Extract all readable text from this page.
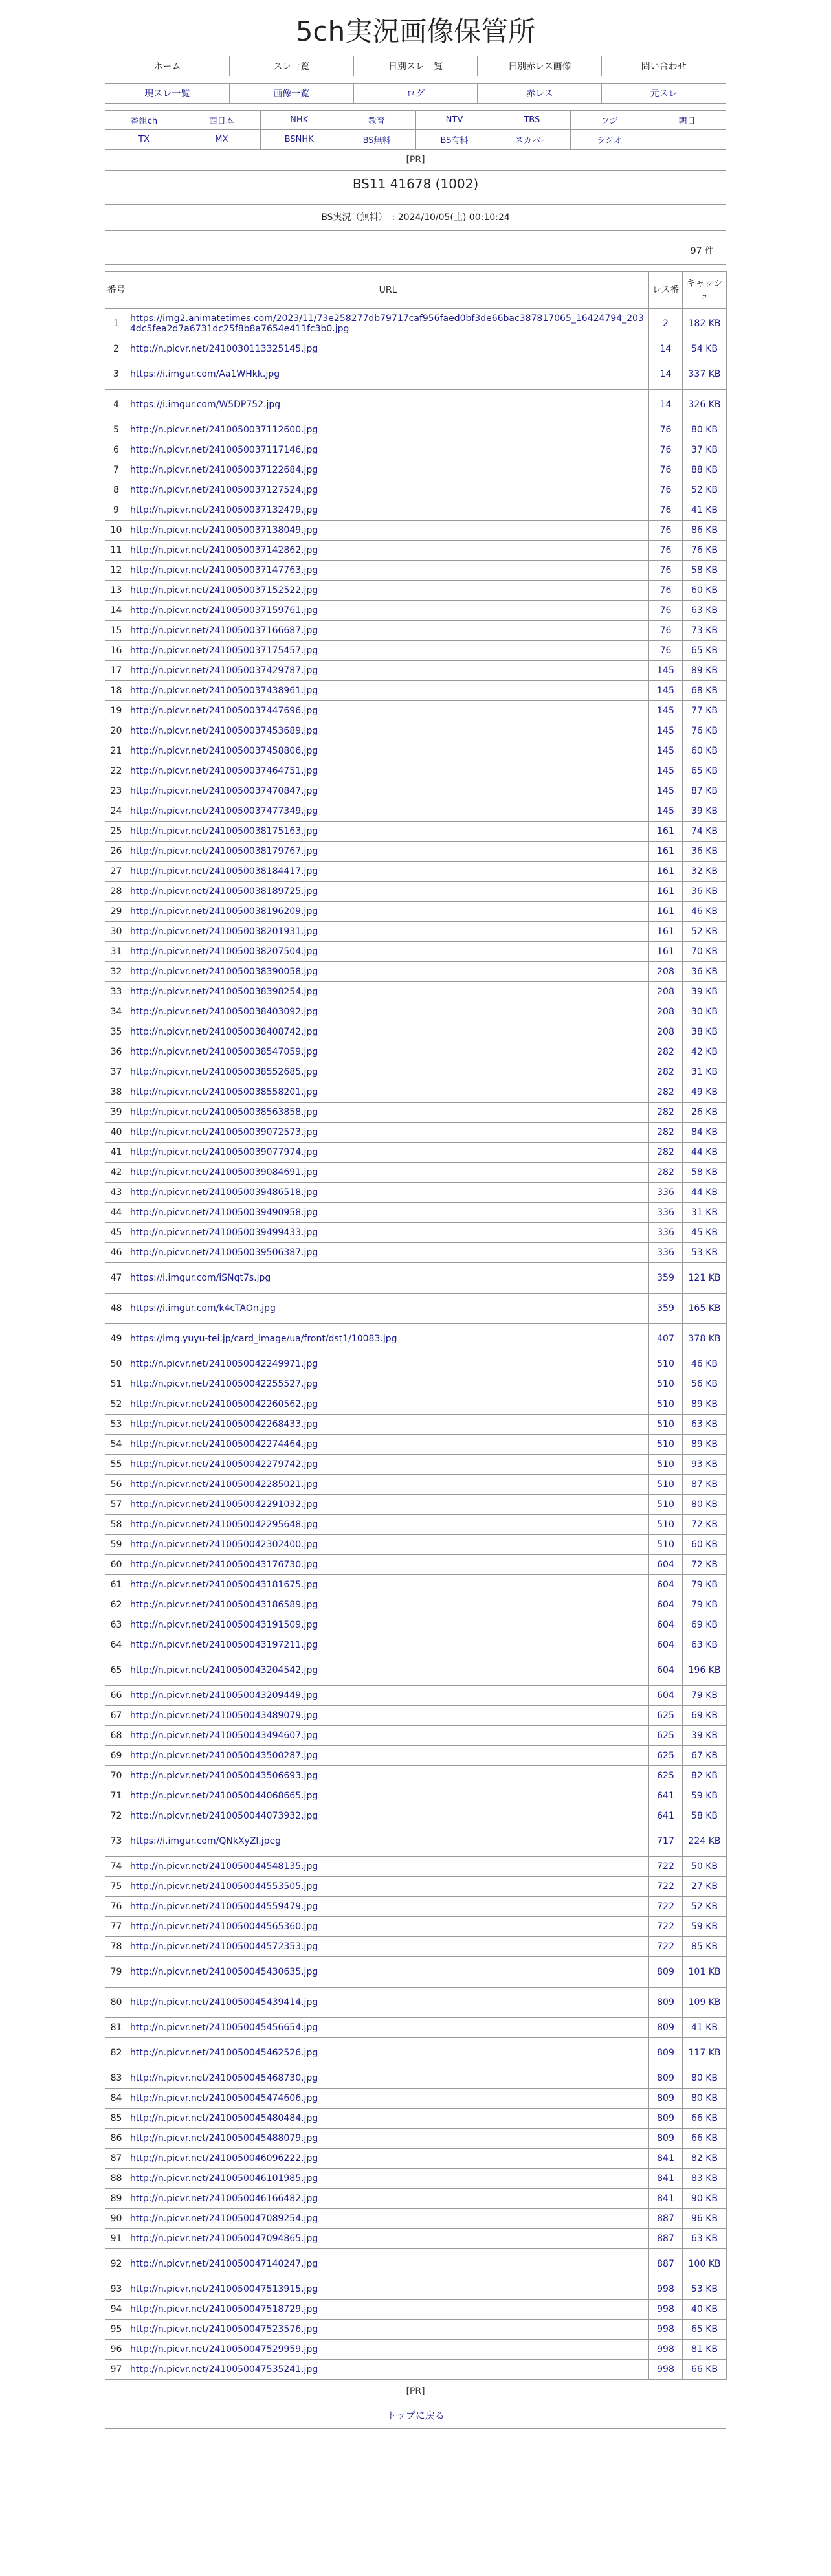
5ch実況画像保管所
ホーム	スレ一覧	日別スレ一覧	日別赤レス画像	問い合わせ
現スレ一覧	画像一覧	ログ	赤レス	元スレ
番組ch	西日本	NHK	教育	NTV	TBS	フジ	朝日
TX	MX	BSNHK	BS無料	BS有料	スカパー	ラジオ	
[PR]
BS11 41678 (1002)
BS実況（無料）　: 2024/10/05(土) 00:10:24
97 件
番号	URL	レス番	キャッシュ
1	https://img2.animatetimes.com/2023/11/73e258277db79717caf956faed0bf3de66bac387817065_16424794_2034dc5fea2d7a6731dc25f8b8a7654e411fc3b0.jpg	2	182 KB
2	http://n.picvr.net/2410030113325145.jpg	14	54 KB
3	https://i.imgur.com/Aa1WHkk.jpg	14	337 KB
4	https://i.imgur.com/W5DP752.jpg	14	326 KB
5	http://n.picvr.net/2410050037112600.jpg	76	80 KB
6	http://n.picvr.net/2410050037117146.jpg	76	37 KB
7	http://n.picvr.net/2410050037122684.jpg	76	88 KB
8	http://n.picvr.net/2410050037127524.jpg	76	52 KB
9	http://n.picvr.net/2410050037132479.jpg	76	41 KB
10	http://n.picvr.net/2410050037138049.jpg	76	86 KB
11	http://n.picvr.net/2410050037142862.jpg	76	76 KB
12	http://n.picvr.net/2410050037147763.jpg	76	58 KB
13	http://n.picvr.net/2410050037152522.jpg	76	60 KB
14	http://n.picvr.net/2410050037159761.jpg	76	63 KB
15	http://n.picvr.net/2410050037166687.jpg	76	73 KB
16	http://n.picvr.net/2410050037175457.jpg	76	65 KB
17	http://n.picvr.net/2410050037429787.jpg	145	89 KB
18	http://n.picvr.net/2410050037438961.jpg	145	68 KB
19	http://n.picvr.net/2410050037447696.jpg	145	77 KB
20	http://n.picvr.net/2410050037453689.jpg	145	76 KB
21	http://n.picvr.net/2410050037458806.jpg	145	60 KB
22	http://n.picvr.net/2410050037464751.jpg	145	65 KB
23	http://n.picvr.net/2410050037470847.jpg	145	87 KB
24	http://n.picvr.net/2410050037477349.jpg	145	39 KB
25	http://n.picvr.net/2410050038175163.jpg	161	74 KB
26	http://n.picvr.net/2410050038179767.jpg	161	36 KB
27	http://n.picvr.net/2410050038184417.jpg	161	32 KB
28	http://n.picvr.net/2410050038189725.jpg	161	36 KB
29	http://n.picvr.net/2410050038196209.jpg	161	46 KB
30	http://n.picvr.net/2410050038201931.jpg	161	52 KB
31	http://n.picvr.net/2410050038207504.jpg	161	70 KB
32	http://n.picvr.net/2410050038390058.jpg	208	36 KB
33	http://n.picvr.net/2410050038398254.jpg	208	39 KB
34	http://n.picvr.net/2410050038403092.jpg	208	30 KB
35	http://n.picvr.net/2410050038408742.jpg	208	38 KB
36	http://n.picvr.net/2410050038547059.jpg	282	42 KB
37	http://n.picvr.net/2410050038552685.jpg	282	31 KB
38	http://n.picvr.net/2410050038558201.jpg	282	49 KB
39	http://n.picvr.net/2410050038563858.jpg	282	26 KB
40	http://n.picvr.net/2410050039072573.jpg	282	84 KB
41	http://n.picvr.net/2410050039077974.jpg	282	44 KB
42	http://n.picvr.net/2410050039084691.jpg	282	58 KB
43	http://n.picvr.net/2410050039486518.jpg	336	44 KB
44	http://n.picvr.net/2410050039490958.jpg	336	31 KB
45	http://n.picvr.net/2410050039499433.jpg	336	45 KB
46	http://n.picvr.net/2410050039506387.jpg	336	53 KB
47	https://i.imgur.com/iSNqt7s.jpg	359	121 KB
48	https://i.imgur.com/k4cTAOn.jpg	359	165 KB
49	https://img.yuyu-tei.jp/card_image/ua/front/dst1/10083.jpg	407	378 KB
50	http://n.picvr.net/2410050042249971.jpg	510	46 KB
51	http://n.picvr.net/2410050042255527.jpg	510	56 KB
52	http://n.picvr.net/2410050042260562.jpg	510	89 KB
53	http://n.picvr.net/2410050042268433.jpg	510	63 KB
54	http://n.picvr.net/2410050042274464.jpg	510	89 KB
55	http://n.picvr.net/2410050042279742.jpg	510	93 KB
56	http://n.picvr.net/2410050042285021.jpg	510	87 KB
57	http://n.picvr.net/2410050042291032.jpg	510	80 KB
58	http://n.picvr.net/2410050042295648.jpg	510	72 KB
59	http://n.picvr.net/2410050042302400.jpg	510	60 KB
60	http://n.picvr.net/2410050043176730.jpg	604	72 KB
61	http://n.picvr.net/2410050043181675.jpg	604	79 KB
62	http://n.picvr.net/2410050043186589.jpg	604	79 KB
63	http://n.picvr.net/2410050043191509.jpg	604	69 KB
64	http://n.picvr.net/2410050043197211.jpg	604	63 KB
65	http://n.picvr.net/2410050043204542.jpg	604	196 KB
66	http://n.picvr.net/2410050043209449.jpg	604	79 KB
67	http://n.picvr.net/2410050043489079.jpg	625	69 KB
68	http://n.picvr.net/2410050043494607.jpg	625	39 KB
69	http://n.picvr.net/2410050043500287.jpg	625	67 KB
70	http://n.picvr.net/2410050043506693.jpg	625	82 KB
71	http://n.picvr.net/2410050044068665.jpg	641	59 KB
72	http://n.picvr.net/2410050044073932.jpg	641	58 KB
73	https://i.imgur.com/QNkXyZl.jpeg	717	224 KB
74	http://n.picvr.net/2410050044548135.jpg	722	50 KB
75	http://n.picvr.net/2410050044553505.jpg	722	27 KB
76	http://n.picvr.net/2410050044559479.jpg	722	52 KB
77	http://n.picvr.net/2410050044565360.jpg	722	59 KB
78	http://n.picvr.net/2410050044572353.jpg	722	85 KB
79	http://n.picvr.net/2410050045430635.jpg	809	101 KB
80	http://n.picvr.net/2410050045439414.jpg	809	109 KB
81	http://n.picvr.net/2410050045456654.jpg	809	41 KB
82	http://n.picvr.net/2410050045462526.jpg	809	117 KB
83	http://n.picvr.net/2410050045468730.jpg	809	80 KB
84	http://n.picvr.net/2410050045474606.jpg	809	80 KB
85	http://n.picvr.net/2410050045480484.jpg	809	66 KB
86	http://n.picvr.net/2410050045488079.jpg	809	66 KB
87	http://n.picvr.net/2410050046096222.jpg	841	82 KB
88	http://n.picvr.net/2410050046101985.jpg	841	83 KB
89	http://n.picvr.net/2410050046166482.jpg	841	90 KB
90	http://n.picvr.net/2410050047089254.jpg	887	96 KB
91	http://n.picvr.net/2410050047094865.jpg	887	63 KB
92	http://n.picvr.net/2410050047140247.jpg	887	100 KB
93	http://n.picvr.net/2410050047513915.jpg	998	53 KB
94	http://n.picvr.net/2410050047518729.jpg	998	40 KB
95	http://n.picvr.net/2410050047523576.jpg	998	65 KB
96	http://n.picvr.net/2410050047529959.jpg	998	81 KB
97	http://n.picvr.net/2410050047535241.jpg	998	66 KB
[PR]
トップに戻る
